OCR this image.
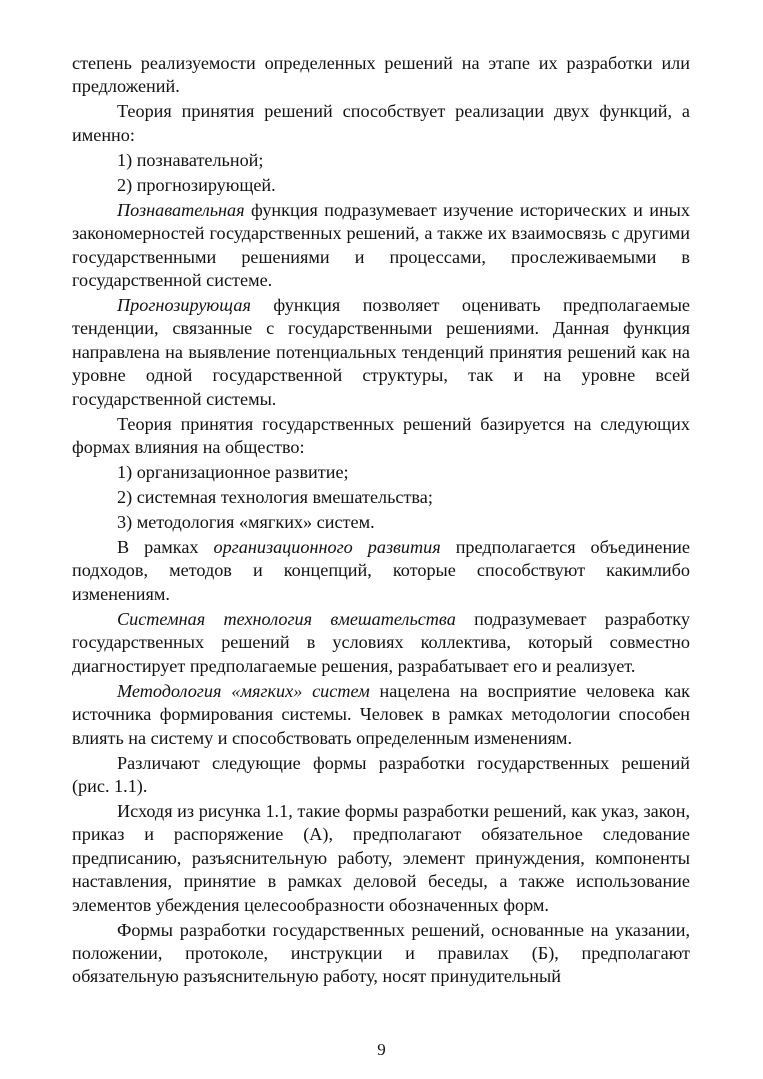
степень реализуемости определенных решений на этапе их разработки или предложений.

Теория принятия решений способствует реализации двух функций, а именно:

1) познавательной;

2) прогнозирующей.

Познавательная функция подразумевает изучение исторических и иных закономерностей государственных решений, а также их взаимосвязь с другими государственными решениями и процессами, прослеживаемыми в государственной системе.

Прогнозирующая функция позволяет оценивать предполагаемые тенденции, связанные с государственными решениями. Данная функция направлена на выявление потенциальных тенденций принятия решений как на уровне одной государственной структуры, так и на уровне всей государственной системы.

Теория принятия государственных решений базируется на следующих формах влияния на общество:

1) организационное развитие;

2) системная технология вмешательства;

3) методология «мягких» систем.

В рамках организационного развития предполагается объединение подходов, методов и концепций, которые способствуют какимлибо изменениям.

Системная технология вмешательства подразумевает разработку государственных решений в условиях коллектива, который совместно диагностирует предполагаемые решения, разрабатывает его и реализует.

Методология «мягких» систем нацелена на восприятие человека как источника формирования системы. Человек в рамках методологии способен влиять на систему и способствовать определенным изменениям.

Различают следующие формы разработки государственных решений (рис. 1.1).

Исходя из рисунка 1.1, такие формы разработки решений, как указ, закон, приказ и распоряжение (А), предполагают обязательное следование предписанию, разъяснительную работу, элемент принуждения, компоненты наставления, принятие в рамках деловой беседы, а также использование элементов убеждения целесообразности обозначенных форм.

Формы разработки государственных решений, основанные на указании, положении, протоколе, инструкции и правилах (Б), предполагают обязательную разъяснительную работу, носят принудительный

9
